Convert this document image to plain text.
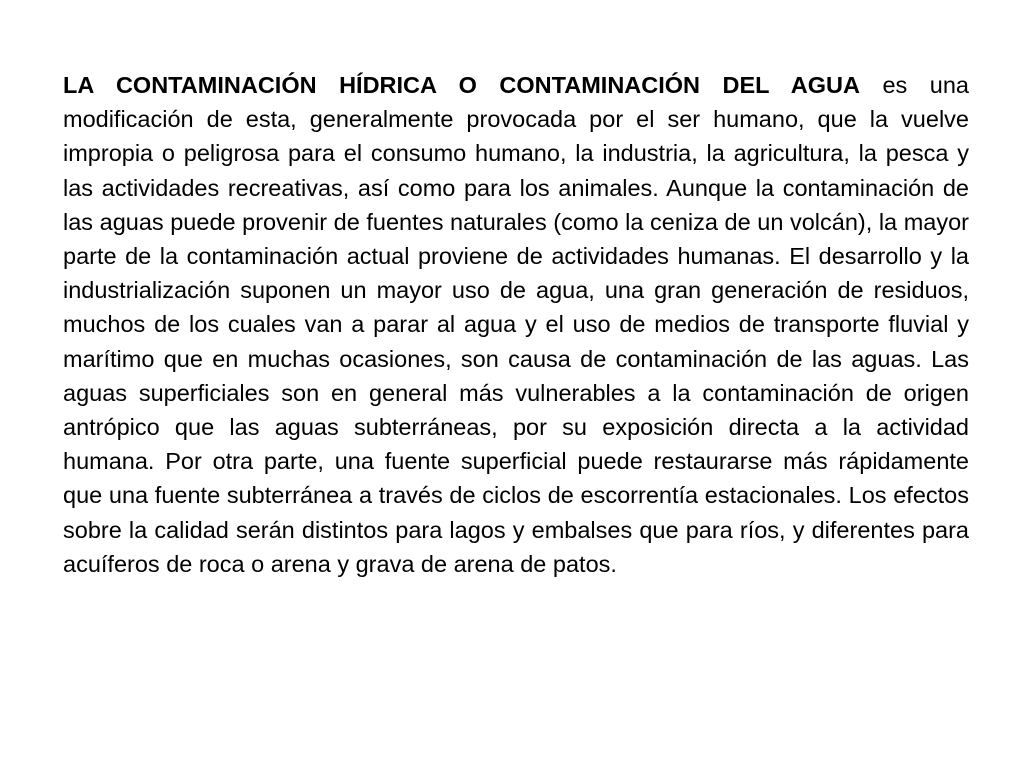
LA CONTAMINACIÓN HÍDRICA O CONTAMINACIÓN DEL AGUA es una modificación de esta, generalmente provocada por el ser humano, que la vuelve impropia o peligrosa para el consumo humano, la industria, la agricultura, la pesca y las actividades recreativas, así como para los animales. Aunque la contaminación de las aguas puede provenir de fuentes naturales (como la ceniza de un volcán), la mayor parte de la contaminación actual proviene de actividades humanas. El desarrollo y la industrialización suponen un mayor uso de agua, una gran generación de residuos, muchos de los cuales van a parar al agua y el uso de medios de transporte fluvial y marítimo que en muchas ocasiones, son causa de contaminación de las aguas. Las aguas superficiales son en general más vulnerables a la contaminación de origen antrópico que las aguas subterráneas, por su exposición directa a la actividad humana. Por otra parte, una fuente superficial puede restaurarse más rápidamente que una fuente subterránea a través de ciclos de escorrentía estacionales. Los efectos sobre la calidad serán distintos para lagos y embalses que para ríos, y diferentes para acuíferos de roca o arena y grava de arena de patos.
